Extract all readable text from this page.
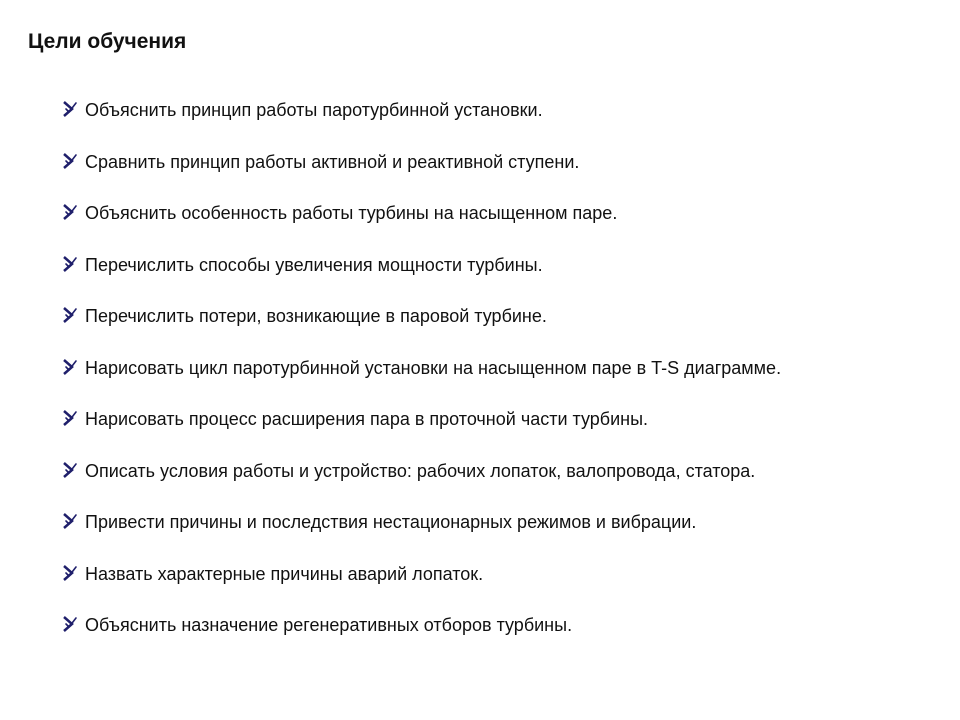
Цели обучения
Объяснить принцип работы паротурбинной установки.
Сравнить принцип работы активной и реактивной ступени.
Объяснить особенность работы турбины на насыщенном паре.
Перечислить способы увеличения мощности турбины.
Перечислить потери, возникающие в паровой турбине.
Нарисовать цикл паротурбинной установки на насыщенном паре в T-S диаграмме.
Нарисовать процесс расширения пара в проточной части турбины.
Описать условия работы и устройство: рабочих лопаток, валопровода, статора.
Привести причины и последствия нестационарных режимов и вибрации.
Назвать характерные причины аварий лопаток.
Объяснить назначение регенеративных отборов турбины.
